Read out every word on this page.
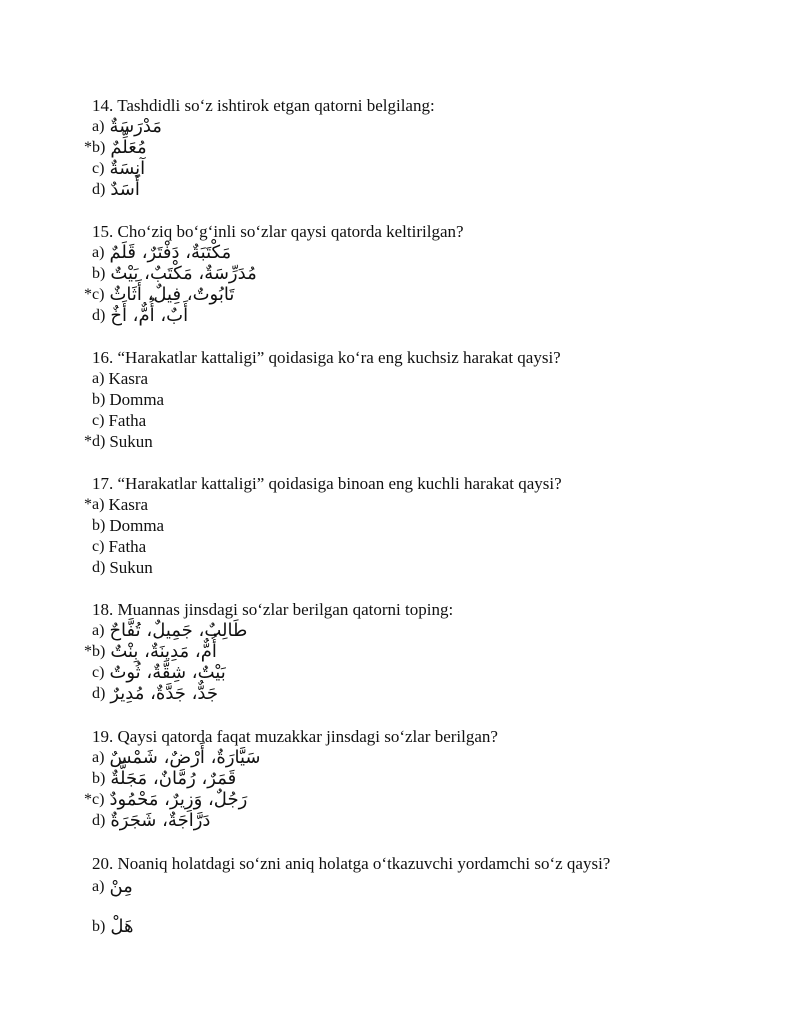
14. Tashdidli so‘z ishtirok etgan qatorni belgilang:
a) مَدْرَسَةٌ
* b) مُعَلِّمٌ
c) آنِسَةٌ
d) أَسَدٌ
15. Cho‘ziq bo‘g‘inli so‘zlar qaysi qatorda keltirilgan?
a) مَكْتَبَةٌ، دَفْتَرٌ، قَلَمٌ
b) مُدَرِّسَةٌ، مَكْتَبٌ، بَيْتٌ
* c) تَابُوتٌ، فِيلٌ، أَثَاثٌ
d) أَبٌ، أُمٌّ، أَخٌ
16. “Harakatlar kattaligi” qoidasiga ko‘ra eng kuchsiz harakat qaysi?
a) Kasra
b) Domma
c) Fatha
* d) Sukun
17. “Harakatlar kattaligi” qoidasiga binoan eng kuchli harakat qaysi?
* a) Kasra
b) Domma
c) Fatha
d) Sukun
18. Muannas jinsdagi so‘zlar berilgan qatorni toping:
a) طَالِبٌ، جَمِيلٌ، تُفَّاحٌ
* b) أُمٌّ، مَدِينَةٌ، بِنْتٌ
c) بَيْتٌ، شِقَّةٌ، ثُوتٌ
d) جَدٌّ، جَدَّةٌ، مُدِيرٌ
19. Qaysi qatorda faqat muzakkar jinsdagi so‘zlar berilgan?
a) سَيَّارَةٌ، أَرْضٌ، شَمْسٌ
b) قَمَرٌ، رُمَّانٌ، مَجَلَّةٌ
* c) رَجُلٌ، وَزِيرٌ، مَحْمُودٌ
d) دَرَّاجَةٌ، شَجَرَةٌ
20. Noaniq holatdagi so‘zni aniq holatga o‘tkazuvchi yordamchi so‘z qaysi?
a) مِنْ
b) هَلْ
